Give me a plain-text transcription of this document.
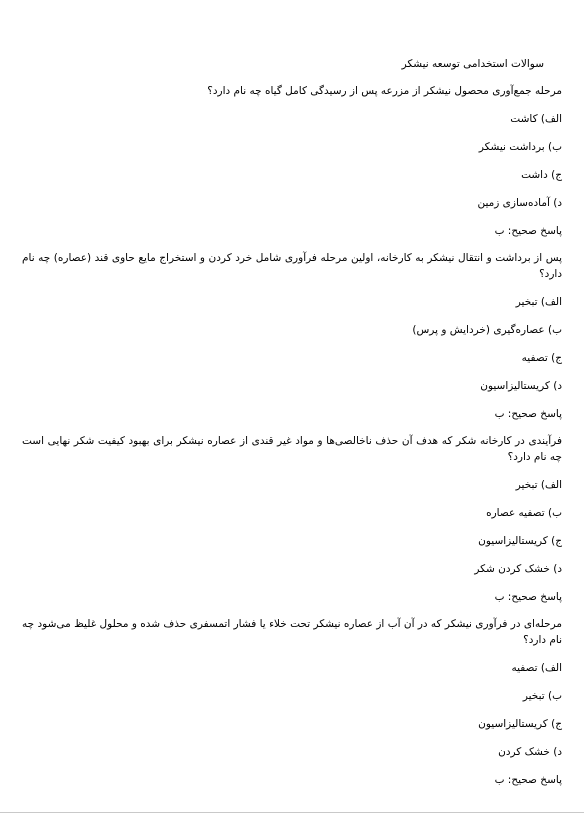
سوالات استخدامی توسعه نیشکر
مرحله جمع‌آوری محصول نیشکر از مزرعه پس از رسیدگی کامل گیاه چه نام دارد؟
الف) کاشت
ب) برداشت نیشکر
ج) داشت
د) آماده‌سازی زمین
پاسخ صحیح: ب
پس از برداشت و انتقال نیشکر به کارخانه، اولین مرحله فرآوری شامل خرد کردن و استخراج مایع حاوی قند (عصاره) چه نام دارد؟
الف) تبخیر
ب) عصاره‌گیری (خردایش و پرس)
ج) تصفیه
د) کریستالیزاسیون
پاسخ صحیح: ب
فرآیندی در کارخانه شکر که هدف آن حذف ناخالصی‌ها و مواد غیر قندی از عصاره نیشکر برای بهبود کیفیت شکر نهایی است چه نام دارد؟
الف) تبخیر
ب) تصفیه عصاره
ج) کریستالیزاسیون
د) خشک کردن شکر
پاسخ صحیح: ب
مرحله‌ای در فرآوری نیشکر که در آن آب از عصاره نیشکر تحت خلاء یا فشار اتمسفری حذف شده و محلول غلیظ می‌شود چه نام دارد؟
الف) تصفیه
ب) تبخیر
ج) کریستالیزاسیون
د) خشک کردن
پاسخ صحیح: ب
